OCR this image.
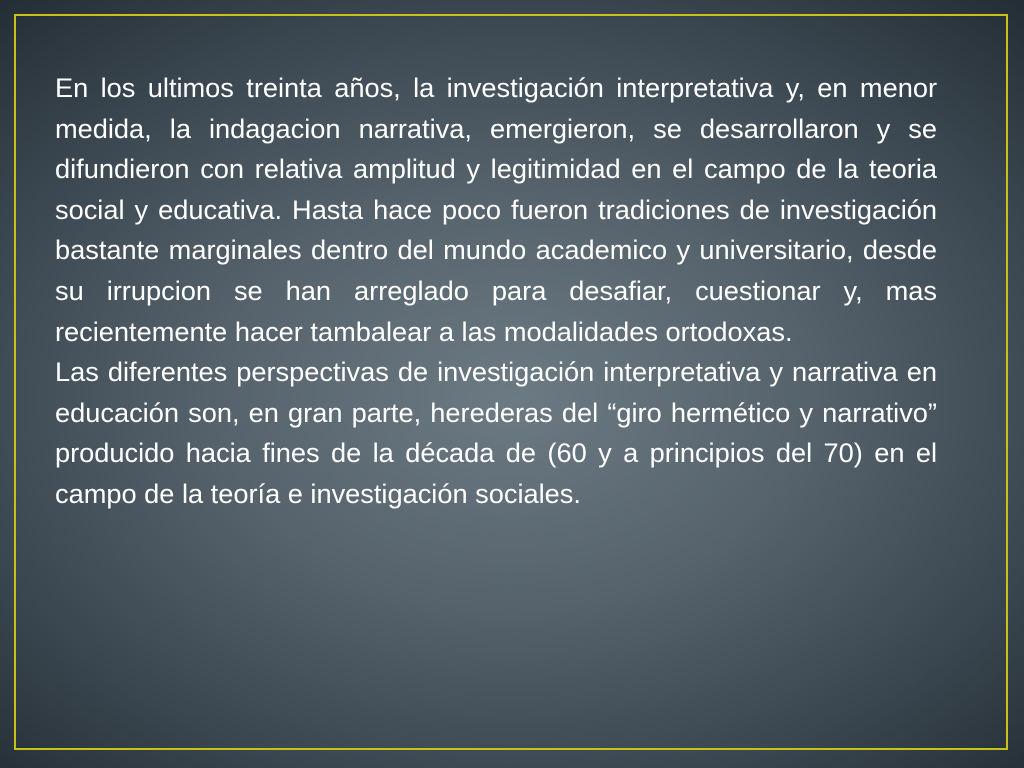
En los ultimos treinta años, la investigación interpretativa y, en menor medida, la indagacion narrativa, emergieron, se desarrollaron y se difundieron con relativa amplitud y legitimidad en el campo de la teoria social y educativa. Hasta hace poco fueron tradiciones de investigación bastante marginales dentro del mundo academico y universitario, desde su irrupcion se han arreglado para desafiar, cuestionar y, mas recientemente hacer tambalear a las modalidades ortodoxas.

Las diferentes perspectivas de investigación interpretativa y narrativa en educación son, en gran parte, herederas del “giro hermético y narrativo” producido hacia fines de la década de (60 y a principios del 70) en el campo de la teoría e investigación sociales.
